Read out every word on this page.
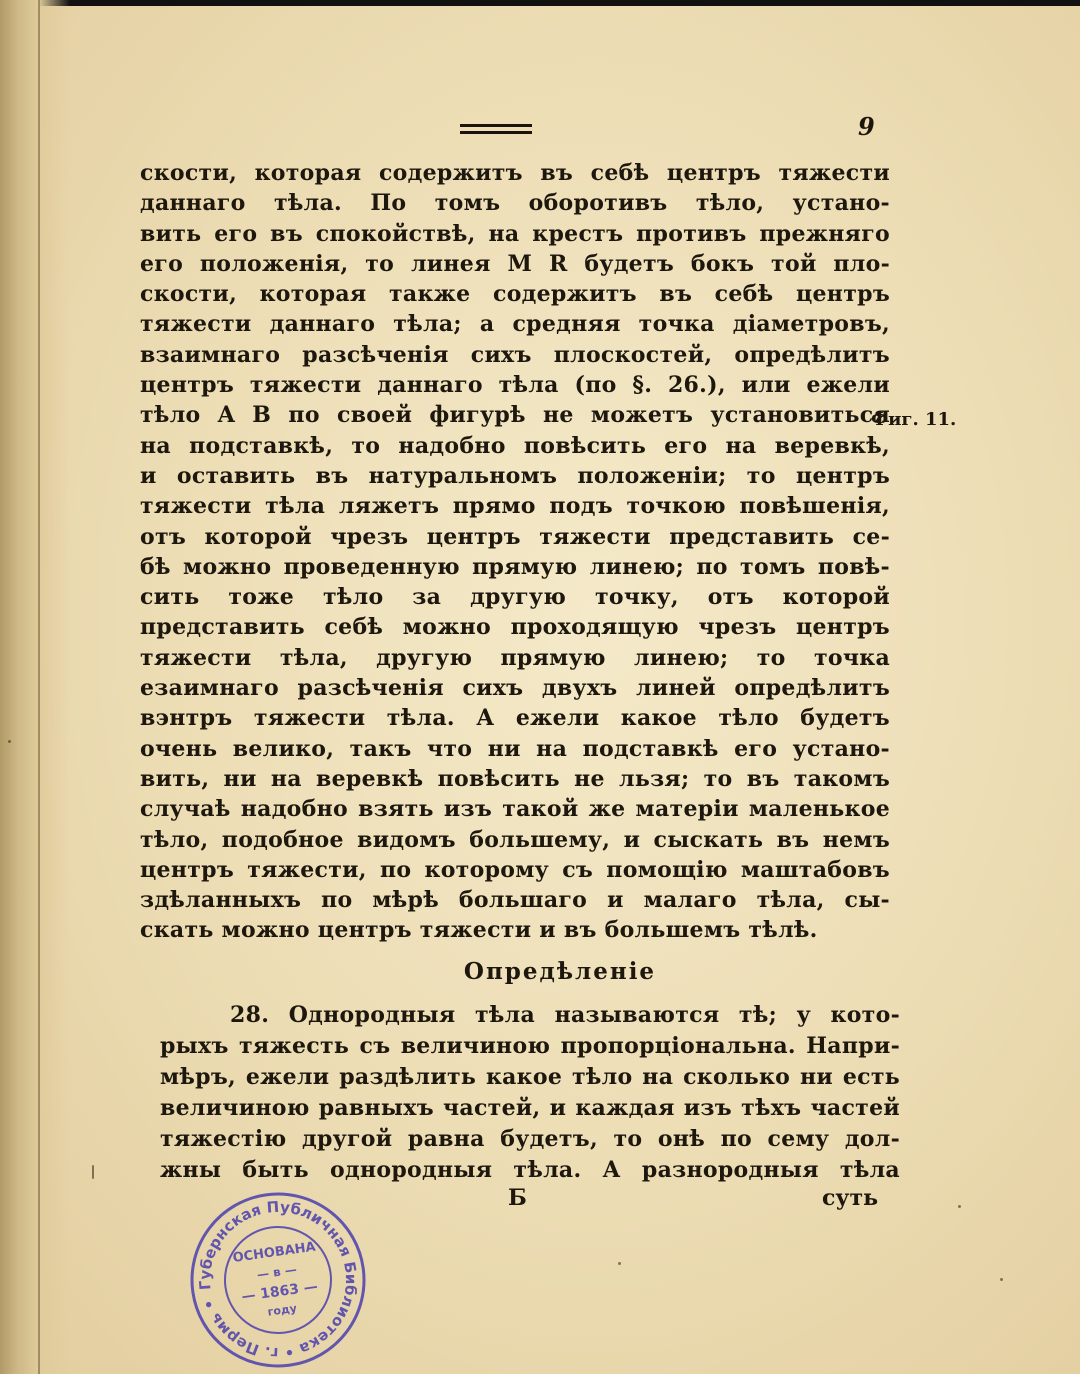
9
скости, которая содержитъ въ себѣ центръ тяжести
даннаго тѣла. По томъ оборотивъ тѣло, устано-
вить его въ спокойствѣ, на крестъ противъ прежняго
его положенія, то линея M R будетъ бокъ той пло-
скости, которая также содержитъ въ себѣ центръ
тяжести даннаго тѣла; а средняя точка діаметровъ,
взаимнаго разсѣченія сихъ плоскостей, опредѣлитъ
центръ тяжести даннаго тѣла (по §. 26.), или ежели
тѣло A B по своей фигурѣ не можетъ установиться
на подставкѣ, то надобно повѣсить его на веревкѣ,
и оставить въ натуральномъ положеніи; то центръ
тяжести тѣла ляжетъ прямо подъ точкою повѣшенія,
отъ которой чрезъ центръ тяжести представить се-
бѣ можно проведенную прямую линею; по томъ повѣ-
сить тоже тѣло за другую точку, отъ которой
представить себѣ можно проходящую чрезъ центръ
тяжести тѣла, другую прямую линею; то точка
езаимнаго разсѣченія сихъ двухъ линей опредѣлитъ
вэнтръ тяжести тѣла. А ежели какое тѣло будетъ
очень велико, такъ что ни на подставкѣ его устано-
вить, ни на веревкѣ повѣсить не льзя; то въ такомъ
случаѣ надобно взять изъ такой же матеріи маленькое
тѣло, подобное видомъ большему, и сыскать въ немъ
центръ тяжести, по которому съ помощію маштабовъ
здѣланныхъ по мѣрѣ большаго и малаго тѣла, сы-
скать можно центръ тяжести и въ большемъ тѣлѣ.
Фиг. 11.
Опредѣленіе
28. Однородныя тѣла называются тѣ; у кото-
рыхъ тяжесть съ величиною пропорціональна. Напри-
мѣръ, ежели раздѣлить какое тѣло на сколько ни есть
величиною равныхъ частей, и каждая изъ тѣхъ частей
тяжестію другой равна будетъ, то онѣ по сему дол-
жны быть однородныя тѣла. А разнородныя тѣла
Б	суть
Губернская Публичная Библиотека • г. Пермь •
ОСНОВАНА
— в —
— 1863 —
году
